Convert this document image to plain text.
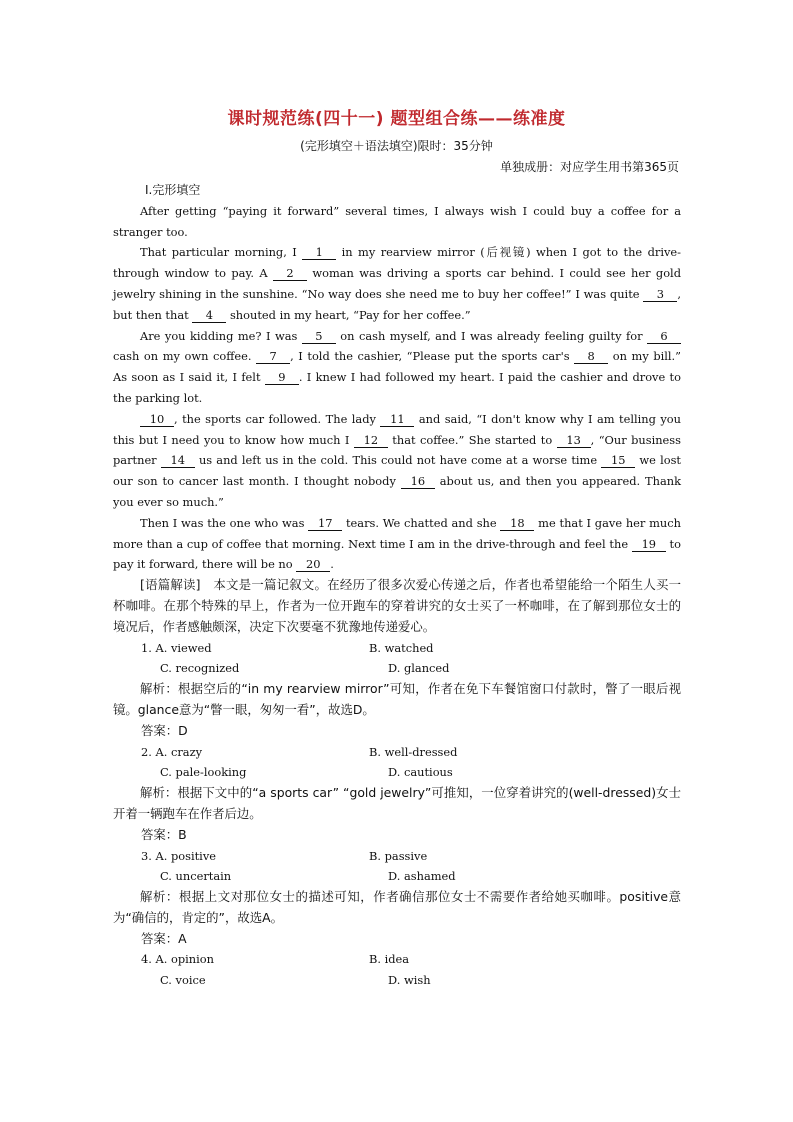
课时规范练(四十一) 题型组合练——练准度
(完形填空＋语法填空)限时：35分钟
单独成册：对应学生用书第365页
Ⅰ.完形填空

After getting “paying it forward” several times, I always wish I could buy a coffee for a stranger too.

That particular morning, I 1 in my rearview mirror (后视镜) when I got to the drive-through window to pay. A 2 woman was driving a sports car behind. I could see her gold jewelry shining in the sunshine. “No way does she need me to buy her coffee!” I was quite 3 , but then that 4 shouted in my heart, “Pay for her coffee.”

Are you kidding me? I was 5 on cash myself, and I was already feeling guilty for 6 cash on my own coffee. 7 , I told the cashier, “Please put the sports car's 8 on my bill.” As soon as I said it, I felt 9 . I knew I had followed my heart. I paid the cashier and drove to the parking lot.

10 , the sports car followed. The lady 11 and said, “I don't know why I am telling you this but I need you to know how much I 12 that coffee.” She started to 13 , “Our business partner 14 us and left us in the cold. This could not have come at a worse time 15 we lost our son to cancer last month. I thought nobody 16 about us, and then you appeared. Thank you ever so much.”

Then I was the one who was 17 tears. We chatted and she 18 me that I gave her much more than a cup of coffee that morning. Next time I am in the drive-through and feel the 19 to pay it forward, there will be no 20 .

[语篇解读]　本文是一篇记叙文。在经历了很多次爱心传递之后，作者也希望能给一个陌生人买一杯咖啡。在那个特殊的早上，作者为一位开跑车的穿着讲究的女士买了一杯咖啡，在了解到那位女士的境况后，作者感触颇深，决定下次要毫不犹豫地传递爱心。

1. A. viewed	B. watched
C. recognized	D. glanced

解析：根据空后的“in my rearview mirror”可知，作者在免下车餐馆窗口付款时，瞥了一眼后视镜。glance意为“瞥一眼，匆匆一看”，故选D。

答案：D

2. A. crazy	B. well-dressed
C. pale-looking	D. cautious

解析：根据下文中的“a sports car” “gold jewelry”可推知，一位穿着讲究的(well-dressed)女士开着一辆跑车在作者后边。

答案：B

3. A. positive	B. passive
C. uncertain	D. ashamed

解析：根据上文对那位女士的描述可知，作者确信那位女士不需要作者给她买咖啡。positive意为“确信的，肯定的”，故选A。

答案：A

4. A. opinion	B. idea
C. voice	D. wish
